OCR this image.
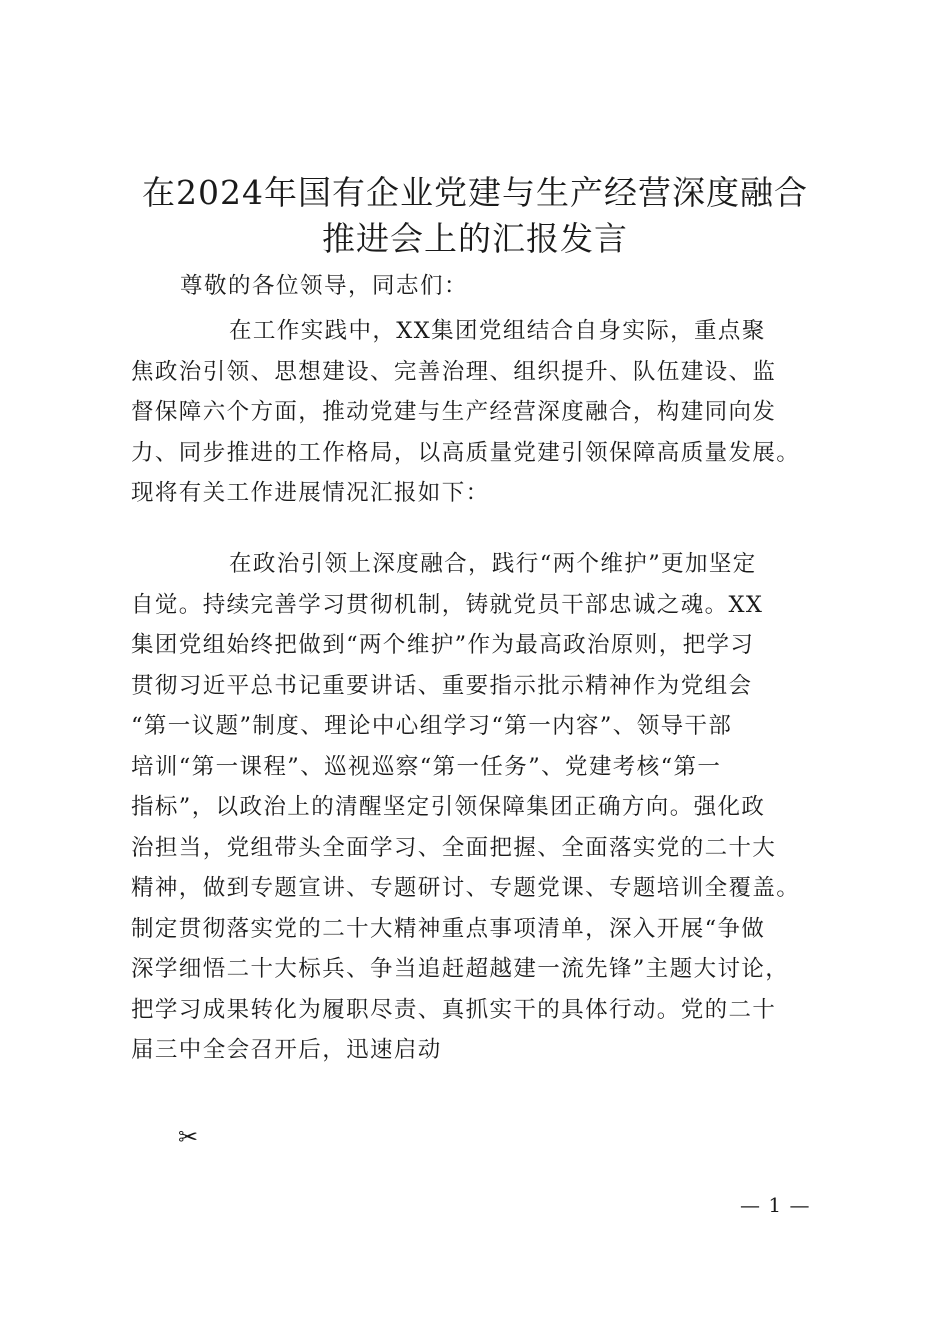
在2024年国有企业党建与生产经营深度融合
推进会上的汇报发言
尊敬的各位领导，同志们：
在工作实践中，XX集团党组结合自身实际，重点聚
焦政治引领、思想建设、完善治理、组织提升、队伍建设、监
督保障六个方面，推动党建与生产经营深度融合，构建同向发
力、同步推进的工作格局，以高质量党建引领保障高质量发展。
现将有关工作进展情况汇报如下：
在政治引领上深度融合，践行“两个维护”更加坚定
自觉。持续完善学习贯彻机制，铸就党员干部忠诚之魂。XX
集团党组始终把做到“两个维护”作为最高政治原则，把学习
贯彻习近平总书记重要讲话、重要指示批示精神作为党组会
“第一议题”制度、理论中心组学习“第一内容”、领导干部
培训“第一课程”、巡视巡察“第一任务”、党建考核“第一
指标”，以政治上的清醒坚定引领保障集团正确方向。强化政
治担当，党组带头全面学习、全面把握、全面落实党的二十大
精神，做到专题宣讲、专题研讨、专题党课、专题培训全覆盖。
制定贯彻落实党的二十大精神重点事项清单，深入开展“争做
深学细悟二十大标兵、争当追赶超越建一流先锋”主题大讨论，
把学习成果转化为履职尽责、真抓实干的具体行动。党的二十
届三中全会召开后，迅速启动
✂
— 1 —
